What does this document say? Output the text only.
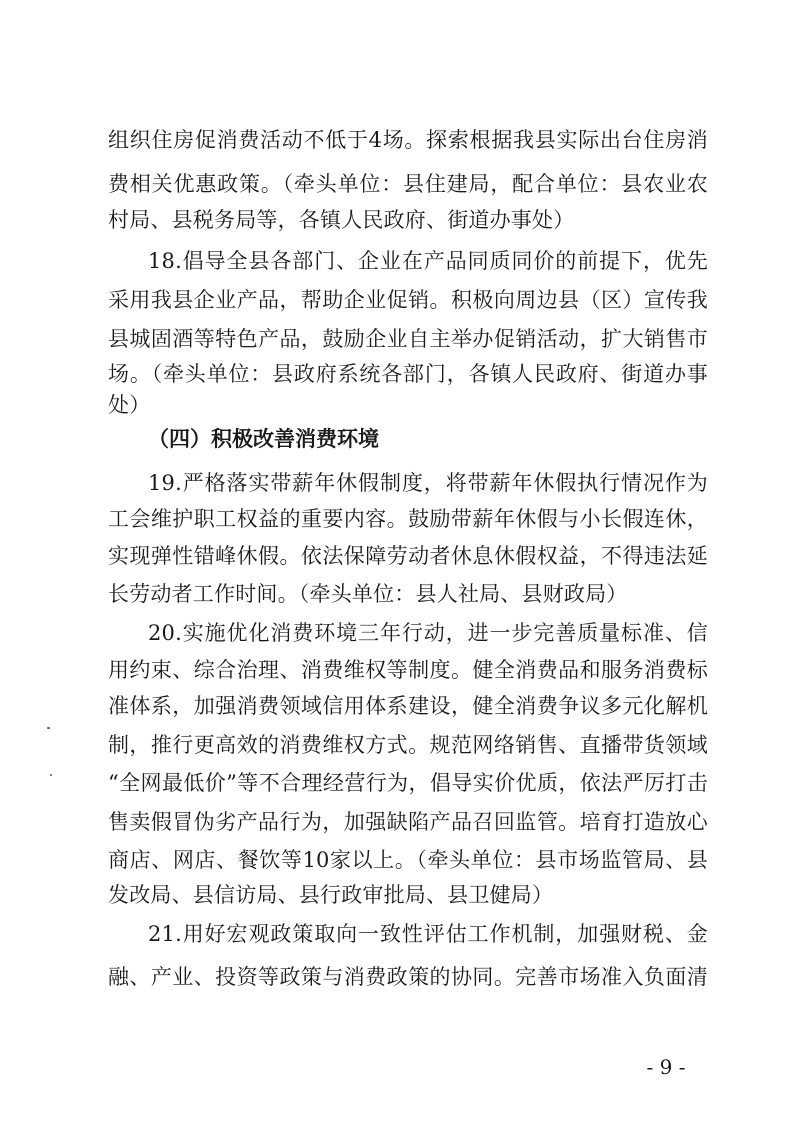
组织住房促消费活动不低于4场。探索根据我县实际出台住房消
费相关优惠政策。（牵头单位：县住建局，配合单位：县农业农
村局、县税务局等，各镇人民政府、街道办事处）
18.倡导全县各部门、企业在产品同质同价的前提下，优先
采用我县企业产品，帮助企业促销。积极向周边县（区）宣传我
县城固酒等特色产品，鼓励企业自主举办促销活动，扩大销售市
场。（牵头单位：县政府系统各部门，各镇人民政府、街道办事
处）
（四）积极改善消费环境
19.严格落实带薪年休假制度，将带薪年休假执行情况作为
工会维护职工权益的重要内容。鼓励带薪年休假与小长假连休，
实现弹性错峰休假。依法保障劳动者休息休假权益，不得违法延
长劳动者工作时间。（牵头单位：县人社局、县财政局）
20.实施优化消费环境三年行动，进一步完善质量标准、信
用约束、综合治理、消费维权等制度。健全消费品和服务消费标
准体系，加强消费领域信用体系建设，健全消费争议多元化解机
制，推行更高效的消费维权方式。规范网络销售、直播带货领域
“全网最低价”等不合理经营行为，倡导实价优质，依法严厉打击
售卖假冒伪劣产品行为，加强缺陷产品召回监管。培育打造放心
商店、网店、餐饮等10家以上。（牵头单位：县市场监管局、县
发改局、县信访局、县行政审批局、县卫健局）
21.用好宏观政策取向一致性评估工作机制，加强财税、金
融、产业、投资等政策与消费政策的协同。完善市场准入负面清
- 9 -
